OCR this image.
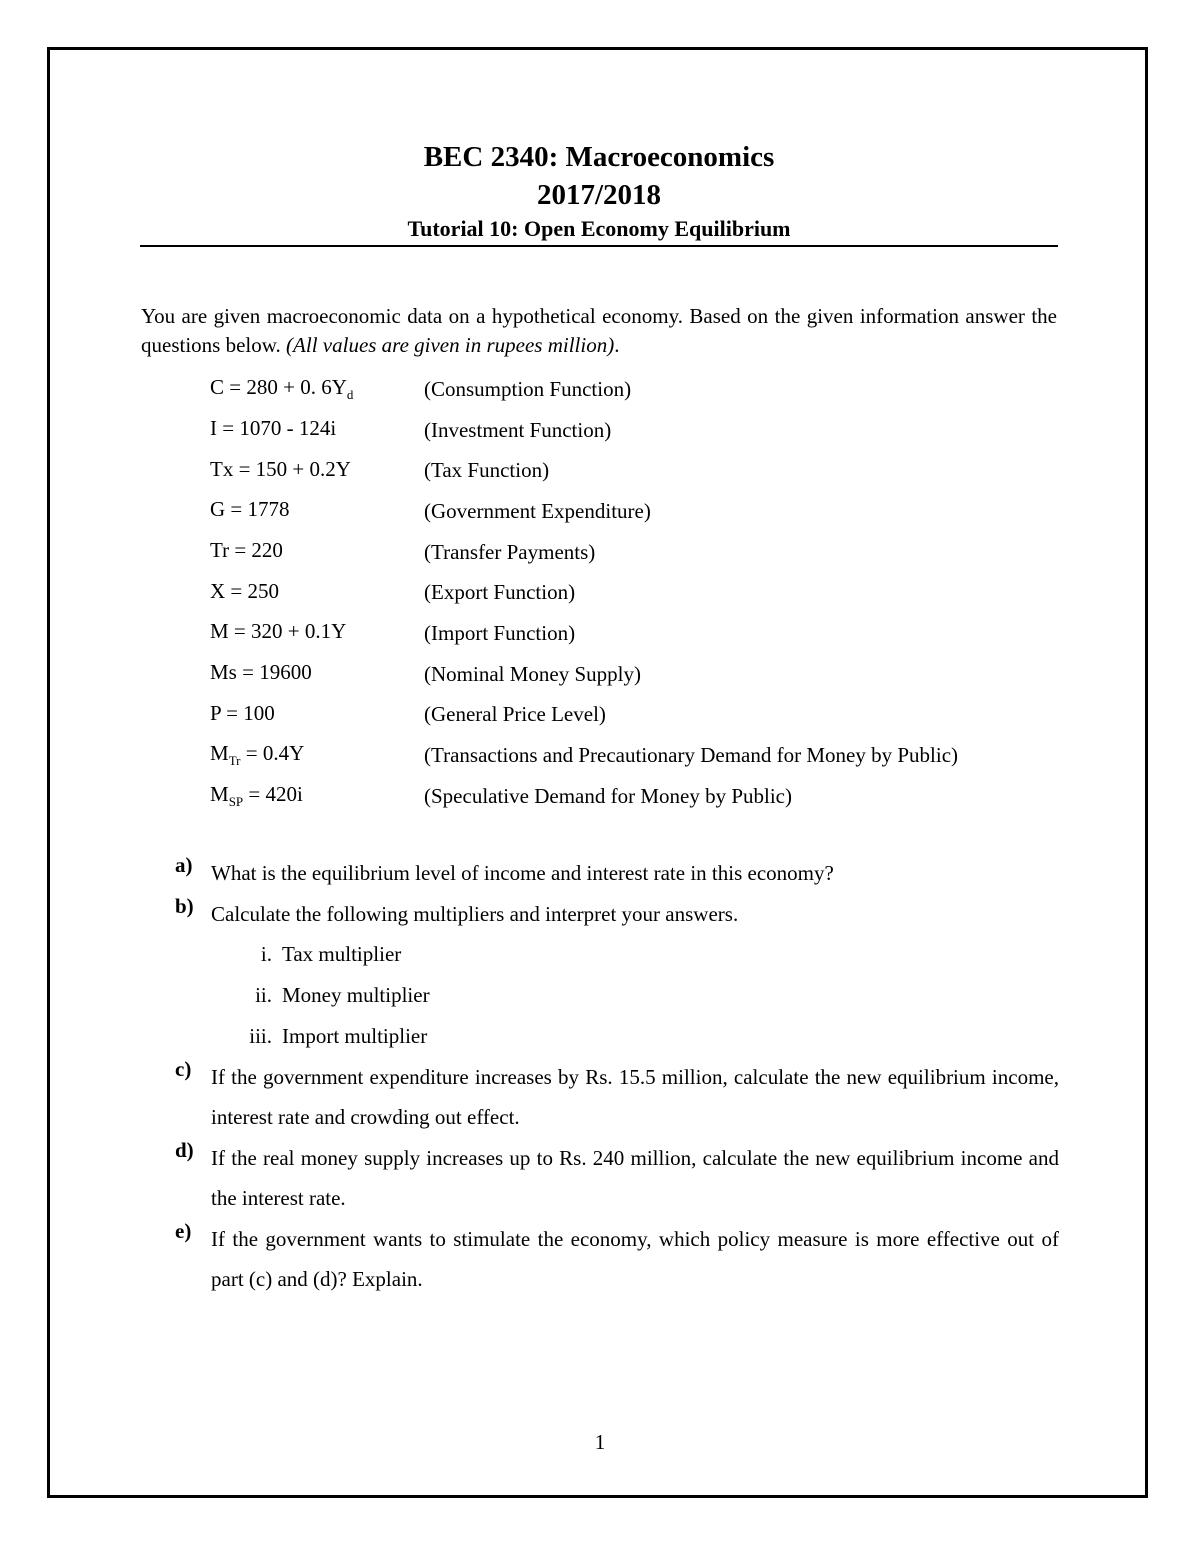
BEC 2340: Macroeconomics
2017/2018
Tutorial 10: Open Economy Equilibrium
You are given macroeconomic data on a hypothetical economy. Based on the given information answer the questions below. (All values are given in rupees million).
C = 280 + 0. $6Y_d$	(Consumption Function)
I = 1070 - 124i	(Investment Function)
Tx = 150 + 0.2Y	(Tax Function)
G = 1778	(Government Expenditure)
Tr = 220	(Transfer Payments)
X = 250	(Export Function)
M = 320 + 0.1Y	(Import Function)
Ms = 19600	(Nominal Money Supply)
P = 100	(General Price Level)
$M_{Tr} = 0.4Y$	(Transactions and Precautionary Demand for Money by Public)
$M_{SP} = 420i$	(Speculative Demand for Money by Public)
a) What is the equilibrium level of income and interest rate in this economy?
b) Calculate the following multipliers and interpret your answers.
i. Tax multiplier
ii. Money multiplier
iii. Import multiplier
c) If the government expenditure increases by Rs. 15.5 million, calculate the new equilibrium income, interest rate and crowding out effect.
d) If the real money supply increases up to Rs. 240 million, calculate the new equilibrium income and the interest rate.
e) If the government wants to stimulate the economy, which policy measure is more effective out of part (c) and (d)? Explain.
1
